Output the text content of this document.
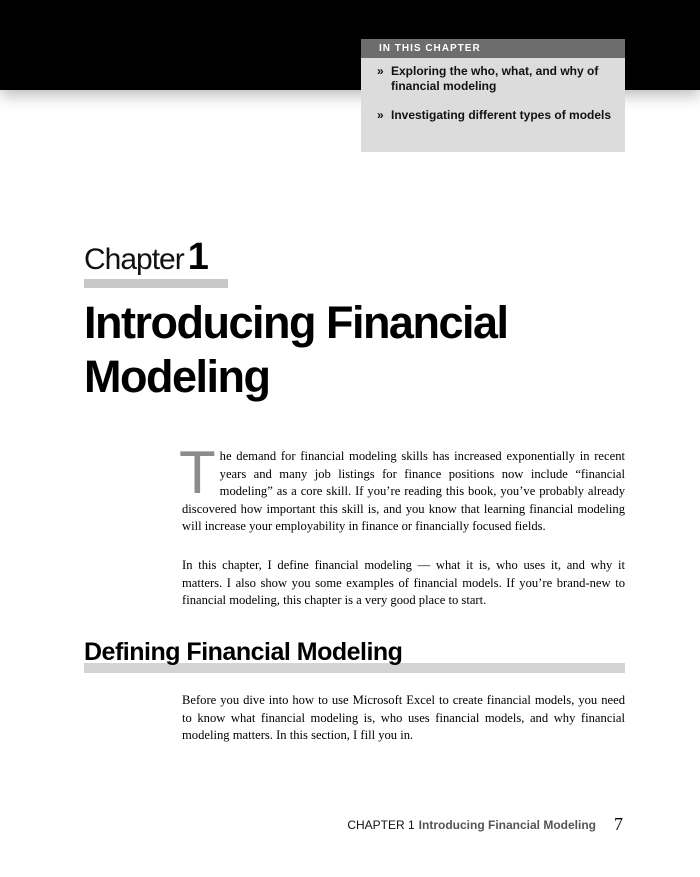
IN THIS CHAPTER
» Exploring the who, what, and why of financial modeling
» Investigating different types of models
Chapter 1
Introducing Financial Modeling

The demand for financial modeling skills has increased exponentially in recent years and many job listings for finance positions now include “financial modeling” as a core skill. If you’re reading this book, you’ve probably already discovered how important this skill is, and you know that learning financial modeling will increase your employability in finance or financially focused fields.

In this chapter, I define financial modeling — what it is, who uses it, and why it matters. I also show you some examples of financial models. If you’re brand-new to financial modeling, this chapter is a very good place to start.

Defining Financial Modeling

Before you dive into how to use Microsoft Excel to create financial models, you need to know what financial modeling is, who uses financial models, and why financial modeling matters. In this section, I fill you in.

CHAPTER 1 Introducing Financial Modeling 7
